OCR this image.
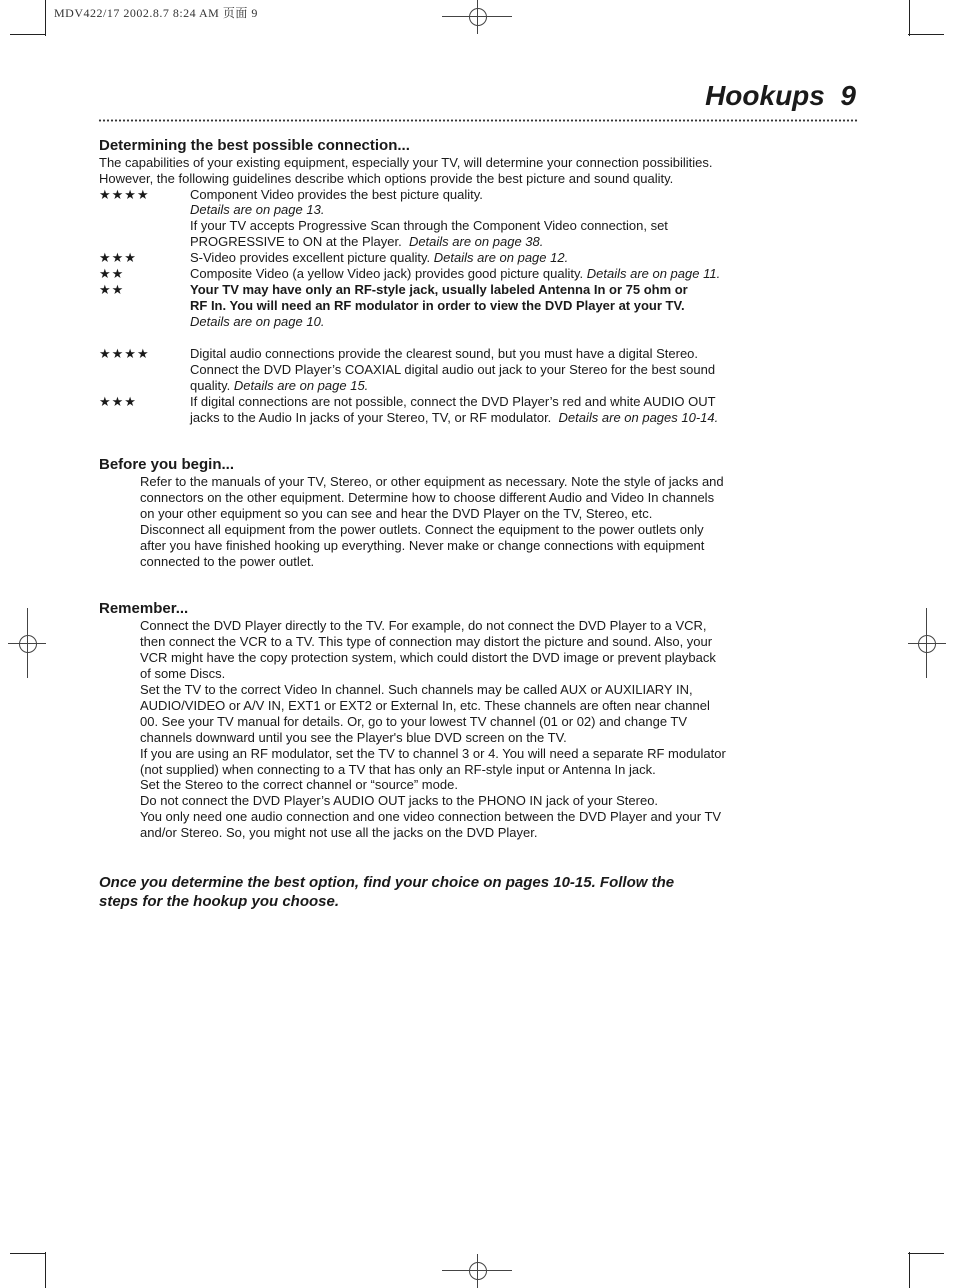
MDV422/17 2002.8.7 8:24 AM 页面 9
Hookups 9
Determining the best possible connection...
The capabilities of your existing equipment, especially your TV, will determine your connection possibilities.
However, the following guidelines describe which options provide the best picture and sound quality.
★★★★	Component Video provides the best picture quality.
Details are on page 13.
If your TV accepts Progressive Scan through the Component Video connection, set
PROGRESSIVE to ON at the Player. Details are on page 38.
★★★	S-Video provides excellent picture quality. Details are on page 12.
★★	Composite Video (a yellow Video jack) provides good picture quality. Details are on page 11.
★★	Your TV may have only an RF-style jack, usually labeled Antenna In or 75 ohm or
RF In. You will need an RF modulator in order to view the DVD Player at your TV.
Details are on page 10.
★★★★	Digital audio connections provide the clearest sound, but you must have a digital Stereo.
Connect the DVD Player’s COAXIAL digital audio out jack to your Stereo for the best sound
quality. Details are on page 15.
★★★	If digital connections are not possible, connect the DVD Player’s red and white AUDIO OUT
jacks to the Audio In jacks of your Stereo, TV, or RF modulator. Details are on pages 10-14.
Before you begin...
Refer to the manuals of your TV, Stereo, or other equipment as necessary. Note the style of jacks and
connectors on the other equipment. Determine how to choose different Audio and Video In channels
on your other equipment so you can see and hear the DVD Player on the TV, Stereo, etc.
Disconnect all equipment from the power outlets. Connect the equipment to the power outlets only
after you have finished hooking up everything. Never make or change connections with equipment
connected to the power outlet.
Remember...
Connect the DVD Player directly to the TV. For example, do not connect the DVD Player to a VCR,
then connect the VCR to a TV. This type of connection may distort the picture and sound. Also, your
VCR might have the copy protection system, which could distort the DVD image or prevent playback
of some Discs.
Set the TV to the correct Video In channel. Such channels may be called AUX or AUXILIARY IN,
AUDIO/VIDEO or A/V IN, EXT1 or EXT2 or External In, etc. These channels are often near channel
00. See your TV manual for details. Or, go to your lowest TV channel (01 or 02) and change TV
channels downward until you see the Player's blue DVD screen on the TV.
If you are using an RF modulator, set the TV to channel 3 or 4. You will need a separate RF modulator
(not supplied) when connecting to a TV that has only an RF-style input or Antenna In jack.
Set the Stereo to the correct channel or “source” mode.
Do not connect the DVD Player’s AUDIO OUT jacks to the PHONO IN jack of your Stereo.
You only need one audio connection and one video connection between the DVD Player and your TV
and/or Stereo. So, you might not use all the jacks on the DVD Player.
Once you determine the best option, find your choice on pages 10-15. Follow the
steps for the hookup you choose.
